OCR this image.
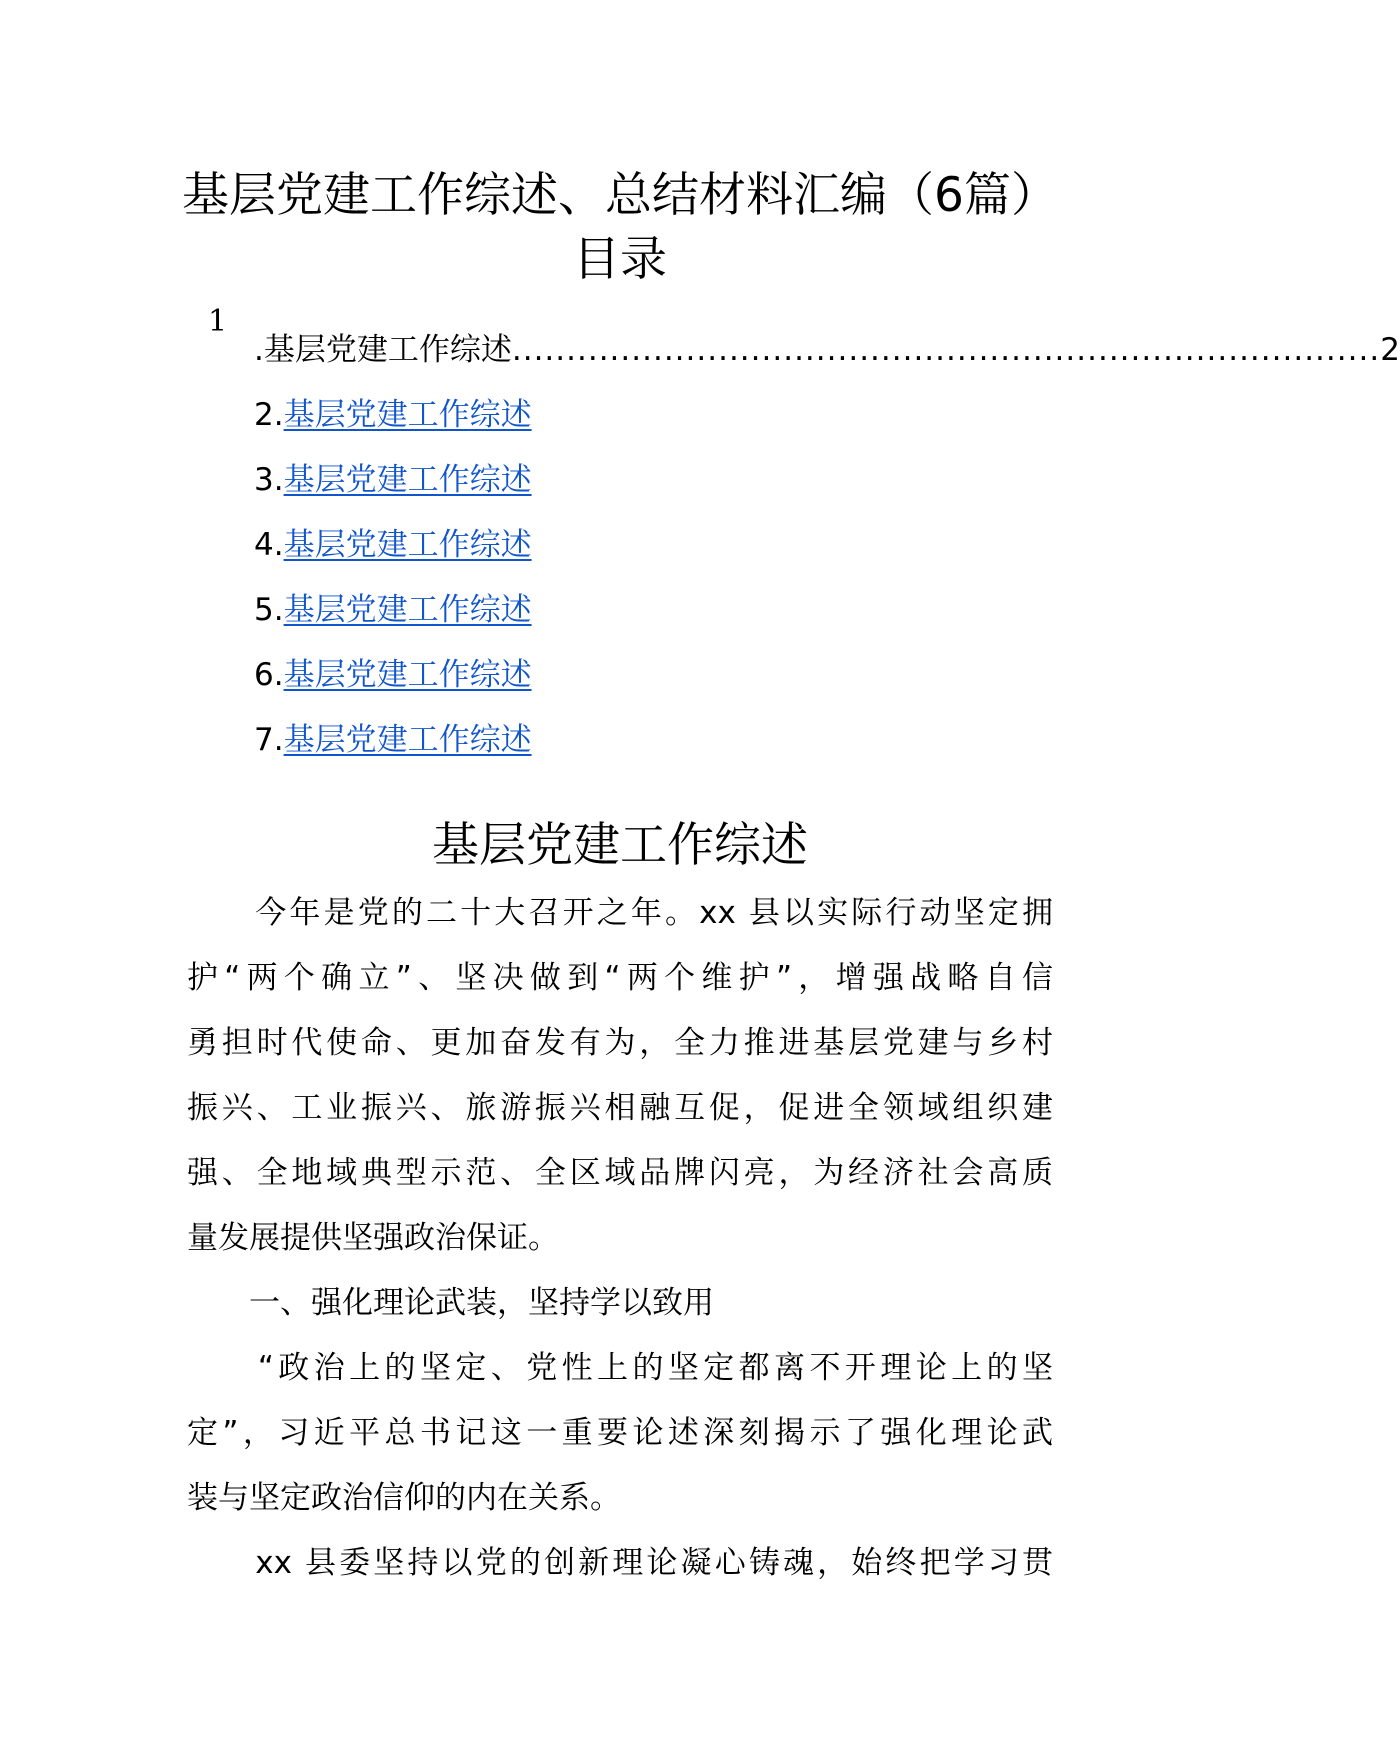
基层党建工作综述、总结材料汇编（6篇）
目录
1
.基层党建工作综述 ................................................................................ 2
2.基层党建工作综述
3.基层党建工作综述
4.基层党建工作综述
5.基层党建工作综述
6.基层党建工作综述
7.基层党建工作综述
基层党建工作综述
　　今年是党的二十大召开之年。xx 县以实际行动坚定拥
护“两个确立”、坚决做到“两个维护”，增强战略自信
勇担时代使命、更加奋发有为，全力推进基层党建与乡村
振兴、工业振兴、旅游振兴相融互促，促进全领域组织建
强、全地域典型示范、全区域品牌闪亮，为经济社会高质
量发展提供坚强政治保证。
　　一、强化理论武装，坚持学以致用
　　“政治上的坚定、党性上的坚定都离不开理论上的坚
定”，习近平总书记这一重要论述深刻揭示了强化理论武
装与坚定政治信仰的内在关系。
　　xx 县委坚持以党的创新理论凝心铸魂，始终把学习贯
